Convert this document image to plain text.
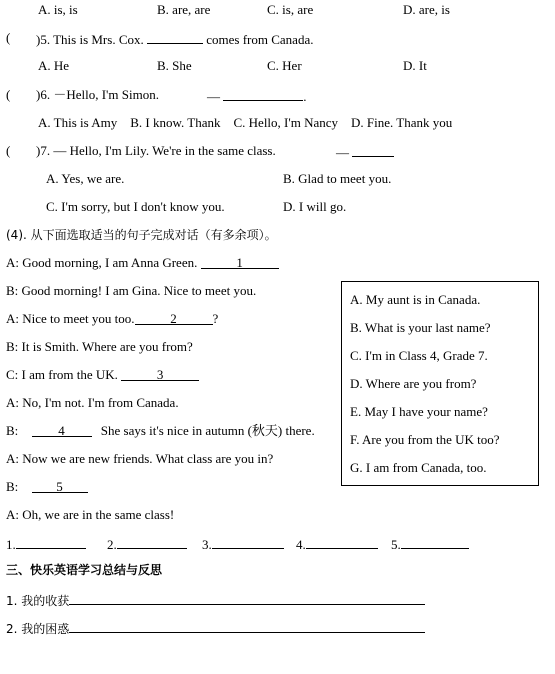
A. is, is	B. are, are	C. is, are	D. are, is
( )5. This is Mrs. Cox.	comes from Canada.
A. He	B. She	C. Her	D. It
( )6. －Hello, I'm Simon.	—	.
A. This is Amy    B. I know. Thank    C. Hello, I'm Nancy    D. Fine. Thank you
( )7. — Hello, I'm Lily. We're in the same class.	—
A. Yes, we are.	B. Glad to meet you.
C. I'm sorry, but I don't know you.	D. I will go.
(4). 从下面选取适当的句子完成对话（有多余项）。
A: Good morning, I am Anna Green.	1
B: Good morning! I am Gina. Nice to meet you.
A: Nice to meet you too.	2	?
B: It is Smith. Where are you from?
C: I am from the UK.	3
A: No, I'm not. I'm from Canada.
B:	4	She says it's nice in autumn (秋天) there.
A: Now we are new friends. What class are you in?
B:	5
A: Oh, we are in the same class!
A. My aunt is in Canada.
B. What is your last name?
C. I'm in Class 4, Grade 7.
D. Where are you from?
E. May I have your name?
F. Are you from the UK too?
G. I am from Canada, too.
1.	2.	3.	4.	5.
三、快乐英语学习总结与反思
1. 我的收获
2. 我的困惑
